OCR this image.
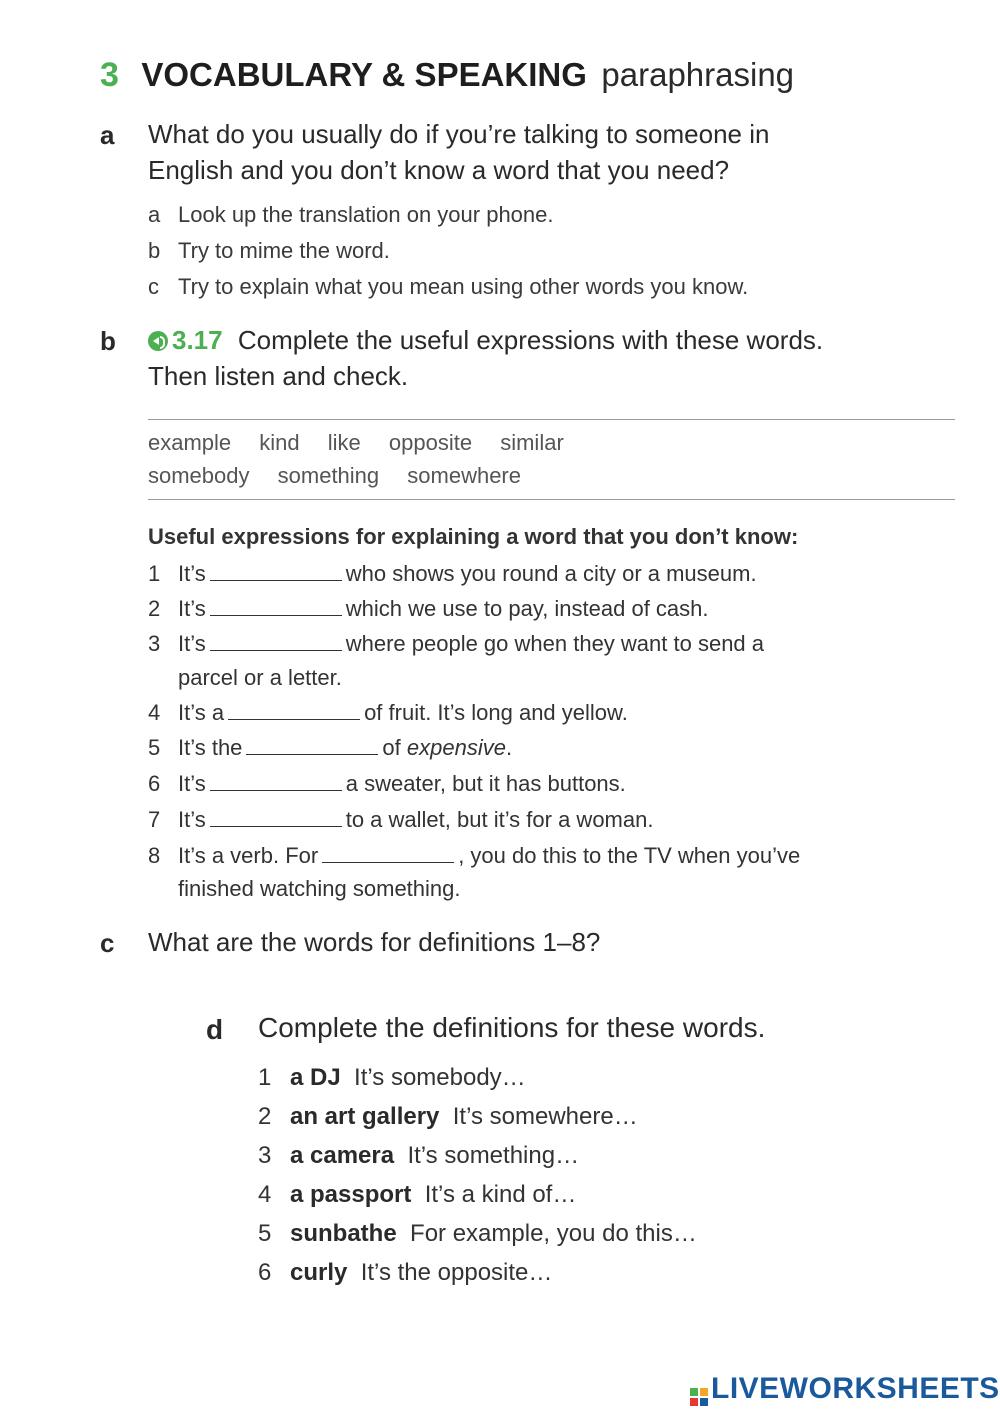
3 VOCABULARY & SPEAKING paraphrasing
a What do you usually do if you’re talking to someone in
English and you don’t know a word that you need?
a Look up the translation on your phone.
b Try to mime the word.
c Try to explain what you mean using other words you know.
b	3.17 Complete the useful expressions with these words.
Then listen and check.
example kind like opposite similar
somebody something somewhere
Useful expressions for explaining a word that you don’t know:
1 It’s	who shows you round a city or a museum.
2 It’s	which we use to pay, instead of cash.
3 It’s	where people go when they want to send a
parcel or a letter.
4 It’s a	of fruit. It’s long and yellow.
5 It’s the	of expensive.
6 It’s	a sweater, but it has buttons.
7 It’s	to a wallet, but it’s for a woman.
8 It’s a verb. For	, you do this to the TV when you’ve
finished watching something.
c What are the words for definitions 1–8?
d Complete the definitions for these words.
1 a DJ It’s somebody…
2 an art gallery It’s somewhere…
3 a camera It’s something…
4 a passport It’s a kind of…
5 sunbathe For example, you do this…
6 curly It’s the opposite…
LIVEWORKSHEETS
